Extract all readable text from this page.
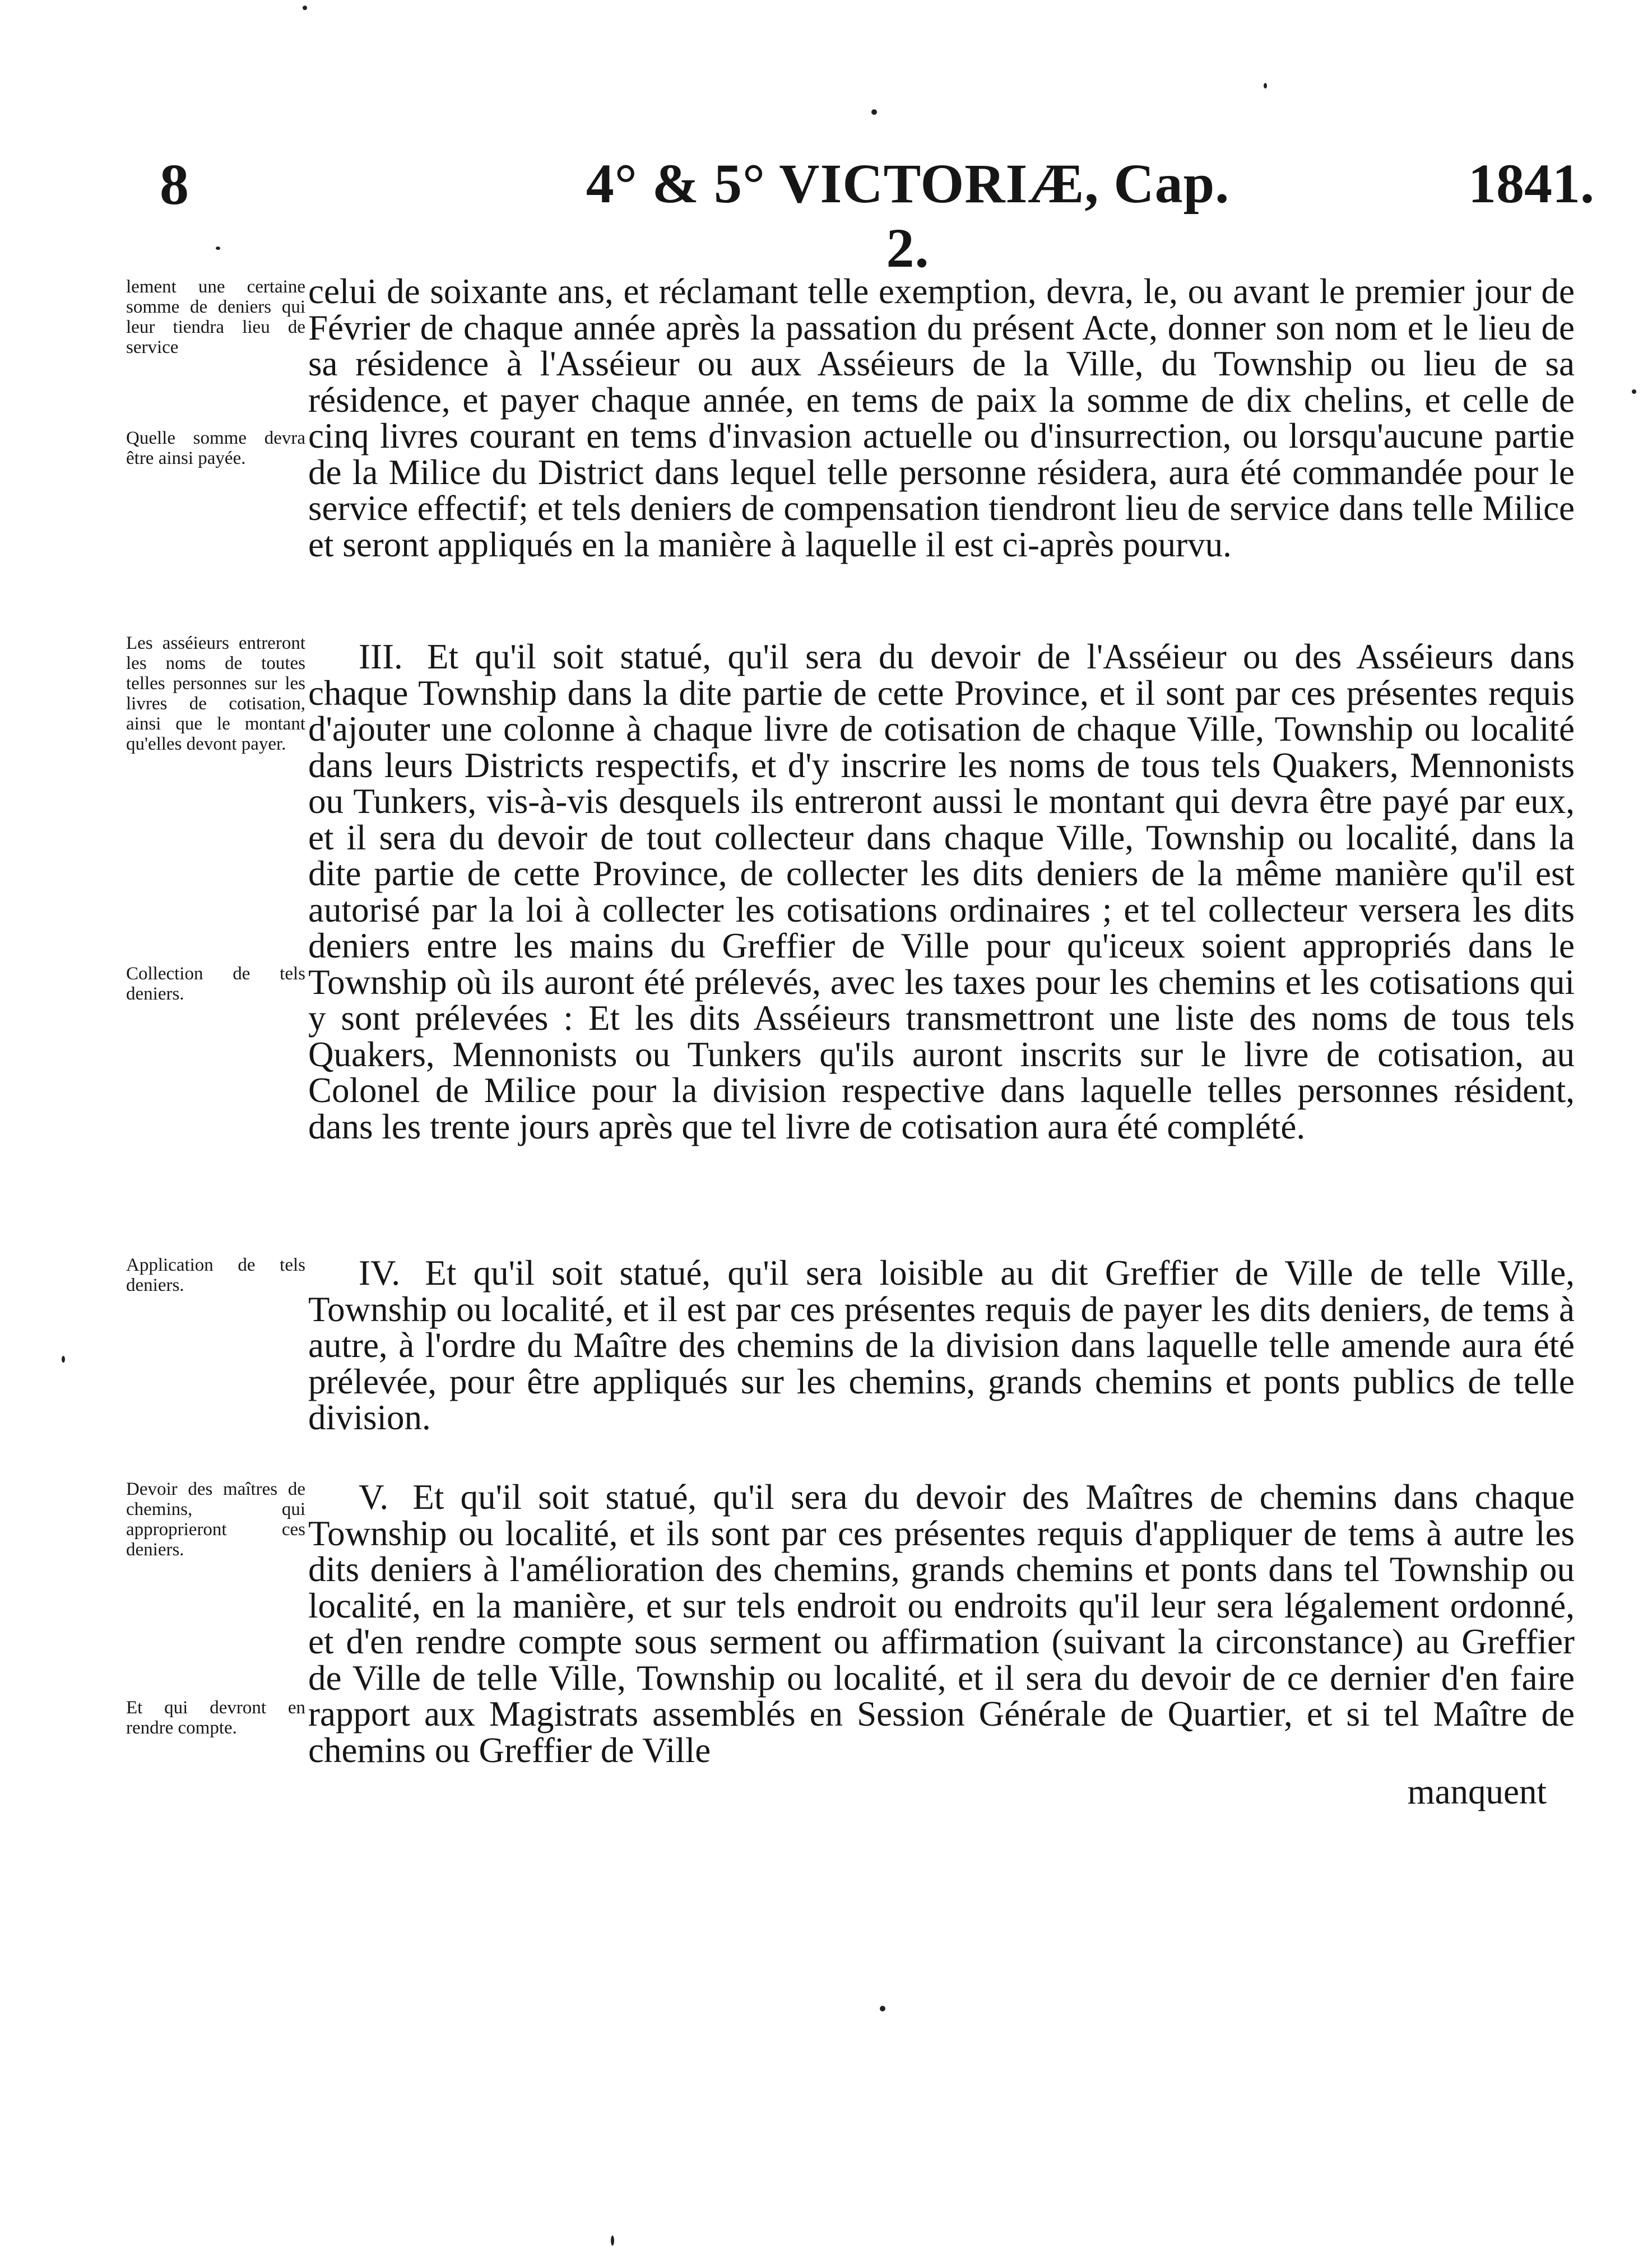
8	4° & 5° VICTORIÆ, Cap. 2.
1841.
lement une certaine somme de deniers qui leur tiendra lieu de service
Quelle somme devra être ainsi payée.
Les asséieurs entreront les noms de toutes telles personnes sur les livres de cotisation, ainsi que le montant qu'elles devont payer.
Collection de tels deniers.
Application de tels deniers.
Devoir des maîtres de chemins, qui approprieront ces deniers.
Et qui devront en rendre compte.
celui de soixante ans, et réclamant telle exemption, devra, le, ou avant le premier jour de Février de chaque année après la passation du présent Acte, donner son nom et le lieu de sa résidence à l'Asséieur ou aux Asséieurs de la Ville, du Township ou lieu de sa résidence, et payer chaque année, en tems de paix la somme de dix chelins, et celle de cinq livres courant en tems d'invasion actuelle ou d'insurrection, ou lorsqu'aucune partie de la Milice du District dans lequel telle personne résidera, aura été commandée pour le service effectif; et tels deniers de compensation tiendront lieu de service dans telle Milice et seront appliqués en la manière à laquelle il est ci-après pourvu.
III. Et qu'il soit statué, qu'il sera du devoir de l'Asséieur ou des Asséieurs dans chaque Township dans la dite partie de cette Province, et il sont par ces présentes requis d'ajouter une colonne à chaque livre de cotisation de chaque Ville, Township ou localité dans leurs Districts respectifs, et d'y inscrire les noms de tous tels Quakers, Mennonists ou Tunkers, vis-à-vis desquels ils entreront aussi le montant qui devra être payé par eux, et il sera du devoir de tout collecteur dans chaque Ville, Township ou localité, dans la dite partie de cette Province, de collecter les dits deniers de la même manière qu'il est autorisé par la loi à collecter les cotisations ordinaires ; et tel collecteur versera les dits deniers entre les mains du Greffier de Ville pour qu'iceux soient appropriés dans le Township où ils auront été prélevés, avec les taxes pour les chemins et les cotisations qui y sont prélevées : Et les dits Asséieurs transmettront une liste des noms de tous tels Quakers, Mennonists ou Tunkers qu'ils auront inscrits sur le livre de cotisation, au Colonel de Milice pour la division respective dans laquelle telles personnes résident, dans les trente jours après que tel livre de cotisation aura été complété.
IV. Et qu'il soit statué, qu'il sera loisible au dit Greffier de Ville de telle Ville, Township ou localité, et il est par ces présentes requis de payer les dits deniers, de tems à autre, à l'ordre du Maître des chemins de la division dans laquelle telle amende aura été prélevée, pour être appliqués sur les chemins, grands chemins et ponts publics de telle division.
V. Et qu'il soit statué, qu'il sera du devoir des Maîtres de chemins dans chaque Township ou localité, et ils sont par ces présentes requis d'appliquer de tems à autre les dits deniers à l'amélioration des chemins, grands chemins et ponts dans tel Township ou localité, en la manière, et sur tels endroit ou endroits qu'il leur sera légalement ordonné, et d'en rendre compte sous serment ou affirmation (suivant la circonstance) au Greffier de Ville de telle Ville, Township ou localité, et il sera du devoir de ce dernier d'en faire rapport aux Magistrats assemblés en Session Générale de Quartier, et si tel Maître de chemins ou Greffier de Ville
manquent
